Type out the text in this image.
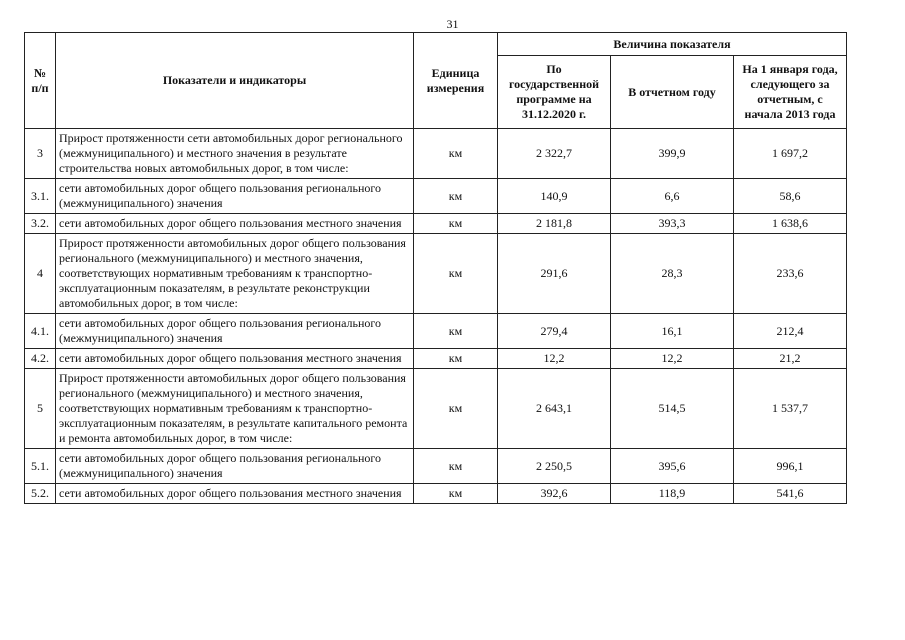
31
№ п/п	Показатели и индикаторы	Единица измерения	Величина показателя		
			По государственной программе на 31.12.2020 г.	В отчетном году	На 1 января года, следующего за отчетным, с начала 2013 года
3	Прирост протяженности сети автомобильных дорог регионального (межмуниципального) и местного значения в результате строительства новых автомобильных дорог, в том числе:	км	2 322,7	399,9	1 697,2
3.1.	сети автомобильных дорог общего пользования регионального (межмуниципального) значения	км	140,9	6,6	58,6
3.2.	сети автомобильных дорог общего пользования местного значения	км	2 181,8	393,3	1 638,6
4	Прирост протяженности автомобильных дорог общего пользования регионального (межмуниципального) и местного значения, соответствующих нормативным требованиям к транспортно-эксплуатационным показателям, в результате реконструкции автомобильных дорог, в том числе:	км	291,6	28,3	233,6
4.1.	сети автомобильных дорог общего пользования регионального (межмуниципального) значения	км	279,4	16,1	212,4
4.2.	сети автомобильных дорог общего пользования местного значения	км	12,2	12,2	21,2
5	Прирост протяженности автомобильных дорог общего пользования регионального (межмуниципального) и местного значения, соответствующих нормативным требованиям к транспортно-эксплуатационным показателям, в результате капитального ремонта и ремонта автомобильных дорог, в том числе:	км	2 643,1	514,5	1 537,7
5.1.	сети автомобильных дорог общего пользования регионального (межмуниципального) значения	км	2 250,5	395,6	996,1
5.2.	сети автомобильных дорог общего пользования местного значения	км	392,6	118,9	541,6
